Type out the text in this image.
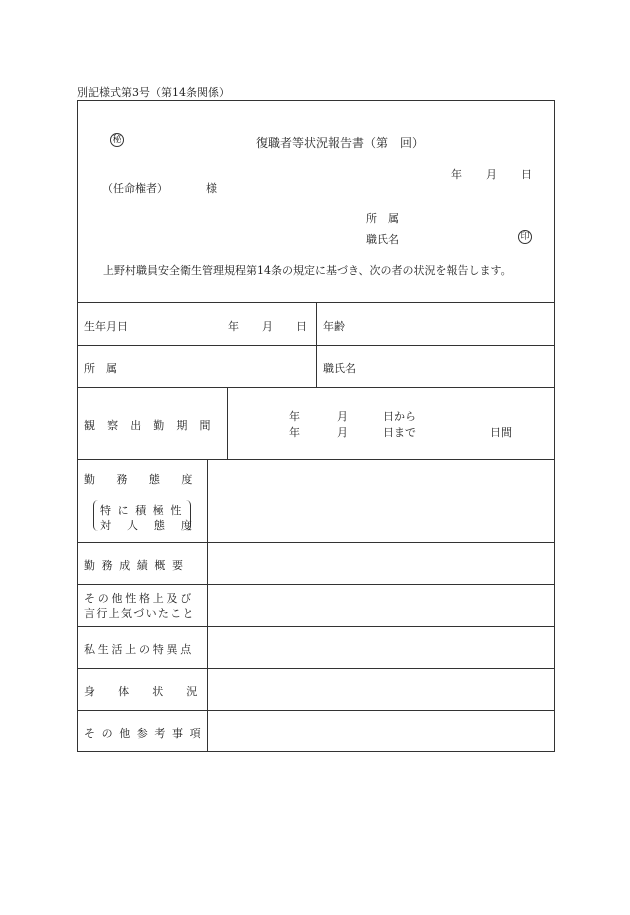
別記様式第3号（第14条関係）
秘	復職者等状況報告書（第　回）
年 月 日
（任命権者）	様
所　属
職氏名	印
上野村職員安全衛生管理規程第14条の規定に基づき、次の者の状況を報告します。
生年月日	年 月 日 年齢
所　属	職氏名
観察出勤期間
年	月	日から
年	月	日まで	日間
勤務態度
特に積極性
対人態度
勤務成績概要
その他性格上及び
言行上気づいたこと
私生活上の特異点
身体状況
その他参考事項
